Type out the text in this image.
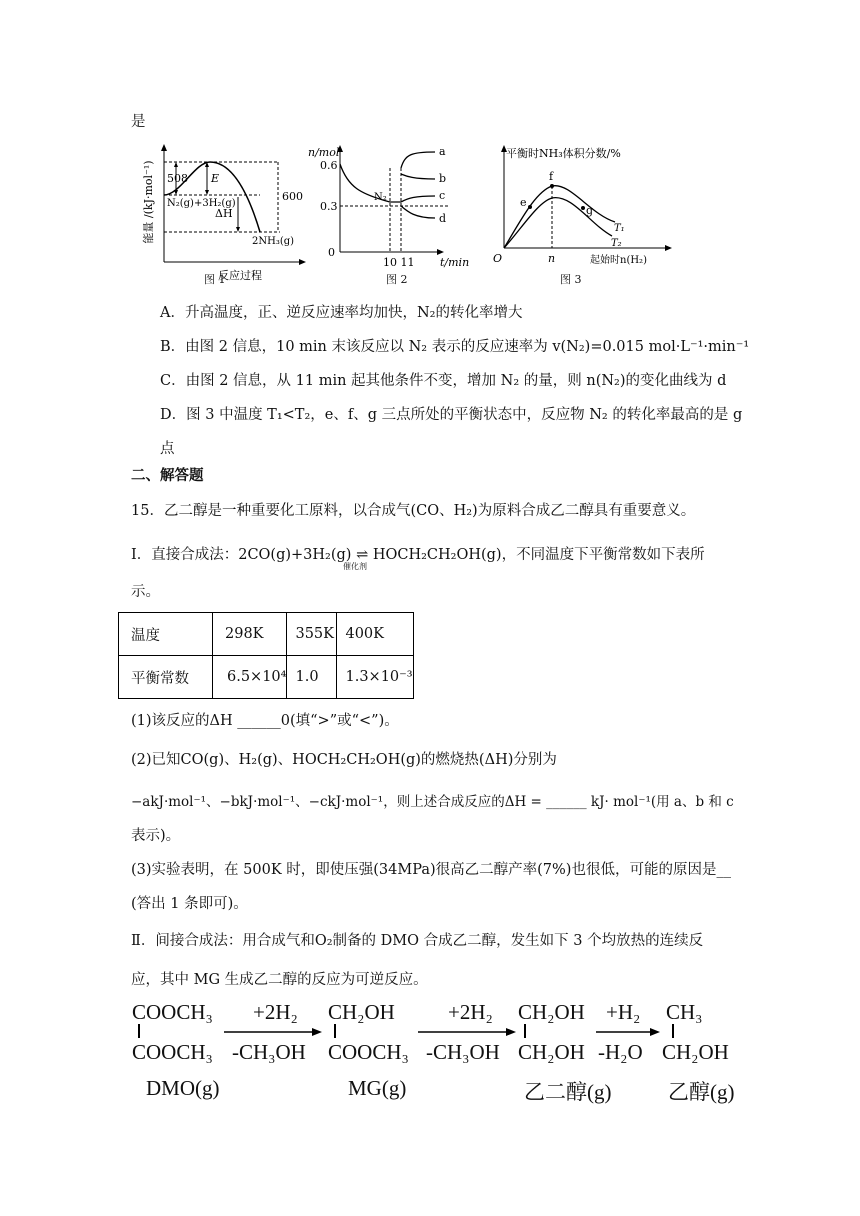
是
能量 /(kJ·mol⁻¹) 508 E
N₂(g)+3H₂(g)
ΔH
600
2NH₃(g)
反应过程
图 1
n/mol
0.6
0.3
0
N₂
a
b
c
d
10 11 t/min
图 2
平衡时NH₃体积分数/%
e
f
g
T₁
T₂
O	n	起始时n(H₂)
图 3
A．升高温度，正、逆反应速率均加快，N₂的转化率增大
B．由图 2 信息，10 min 末该反应以 N₂ 表示的反应速率为 v(N₂)=0.015 mol·L⁻¹·min⁻¹
C．由图 2 信息，从 11 min 起其他条件不变，增加 N₂ 的量，则 n(N₂)的变化曲线为 d
D．图 3 中温度 T₁<T₂，e、f、g 三点所处的平衡状态中，反应物 N₂ 的转化率最高的是 g
点
二、解答题
15．乙二醇是一种重要化工原料，以合成气(CO、H₂)为原料合成乙二醇具有重要意义。
Ⅰ．直接合成法：2CO(g)+3H₂(g) ⇌ HOCH₂CH₂OH(g)，不同温度下平衡常数如下表所
催化剂
示。
温度	298K	355K	400K
平衡常数	6.5×10⁴	1.0	1.3×10⁻³
(1)该反应的ΔH ______0(填“>”或“<”)。
(2)已知CO(g)、H₂(g)、HOCH₂CH₂OH(g)的燃烧热(ΔH)分别为
−akJ·mol⁻¹、−bkJ·mol⁻¹、−ckJ·mol⁻¹，则上述合成反应的ΔH = ______ kJ· mol⁻¹(用 a、b 和 c
表示)。
(3)实验表明，在 500K 时，即使压强(34MPa)很高乙二醇产率(7%)也很低，可能的原因是__
(答出 1 条即可)。
Ⅱ．间接合成法：用合成气和O₂制备的 DMO 合成乙二醇，发生如下 3 个均放热的连续反
应，其中 MG 生成乙二醇的反应为可逆反应。
COOCH₃
COOCH₃
DMO(g)
+2H₂
-CH₃OH
CH₂OH
COOCH₃
MG(g)
+2H₂
-CH₃OH
CH₂OH
CH₂OH
乙二醇(g)
+H₂
-H₂O
CH₃
CH₂OH
乙醇(g)
